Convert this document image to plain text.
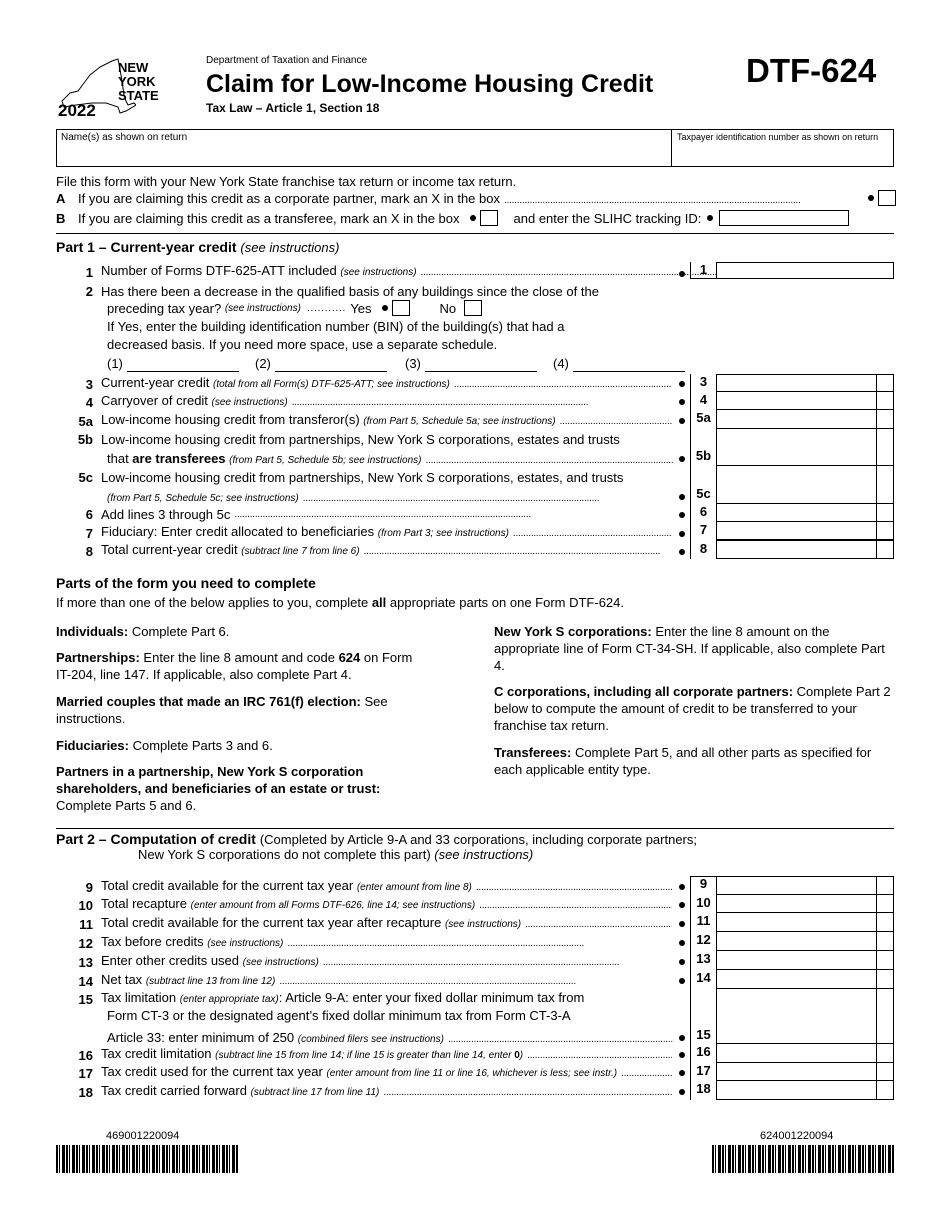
NEW
YORK
STATE
2022
Department of Taxation and Finance
Claim for Low-Income Housing Credit
Tax Law – Article 1, Section 18
DTF-624
Name(s) as shown on return	Taxpayer identification number as shown on return
File this form with your New York State franchise tax return or income tax return.
A If you are claiming this credit as a corporate partner, mark an X in the box
. . .
B If you are claiming this credit as a transferee, mark an X in the box	and enter the SLIHC tracking ID:
Part 1 – Current-year credit (see instructions)
1 Number of Forms DTF-625-ATT included (see instructions) . . .	1
2 Has there been a decrease in the qualified basis of any buildings since the close of the
preceding tax year?
(see instructions) . . . . . . . . . . . Yes	No
If Yes, enter the building identification number (BIN) of the building(s) that had a
decreased basis. If you need more space, use a separate schedule.
(1)	(2)	(3)	(4)
3 Current-year credit (total from all Form(s) DTF-625-ATT; see instructions) . . .	3
4 Carryover of credit (see instructions) . . .	4
5a Low-income housing credit from transferor(s) (from Part 5, Schedule 5a; see instructions) . . .	5a
5b Low-income housing credit from partnerships, New York S corporations, estates and trusts
that are transferees (from Part 5, Schedule 5b; see instructions) . . .	5b
5c Low-income housing credit from partnerships, New York S corporations, estates, and trusts
(from Part 5, Schedule 5c; see instructions) . . .	5c
6 Add lines 3 through 5c . . .	6
7 Fiduciary: Enter credit allocated to beneficiaries (from Part 3; see instructions) . . .	7
8 Total current-year credit (subtract line 7 from line 6) . . .	8
Parts of the form you need to complete
If more than one of the below applies to you, complete all appropriate parts on one Form DTF-624.
Individuals: Complete Part 6.
Partnerships: Enter the line 8 amount and code 624 on Form IT-204, line 147. If applicable, also complete Part 4.
Married couples that made an IRC 761(f) election: See instructions.
Fiduciaries: Complete Parts 3 and 6.
Partners in a partnership, New York S corporation shareholders, and beneficiaries of an estate or trust: Complete Parts 5 and 6.
New York S corporations: Enter the line 8 amount on the appropriate line of Form CT-34-SH. If applicable, also complete Part 4.
C corporations, including all corporate partners: Complete Part 2 below to compute the amount of credit to be transferred to your franchise tax return.
Transferees: Complete Part 5, and all other parts as specified for each applicable entity type.
Part 2 – Computation of credit (Completed by Article 9-A and 33 corporations, including corporate partners;
New York S corporations do not complete this part) (see instructions)
9 Total credit available for the current tax year (enter amount from line 8) . . .	9
10 Total recapture (enter amount from all Forms DTF-626, line 14; see instructions) . . .	10
11 Total credit available for the current tax year after recapture (see instructions) . . .	11
12 Tax before credits (see instructions) . . .	12
13 Enter other credits used (see instructions) . . .	13
14 Net tax (subtract line 13 from line 12) . . .	14
15 Tax limitation (enter appropriate tax): Article 9-A: enter your fixed dollar minimum tax from
Form CT-3 or the designated agent’s fixed dollar minimum tax from Form CT-3-A
Article 33: enter minimum of 250 (combined filers see instructions) . . .	15
16 Tax credit limitation (subtract line 15 from line 14; if line 15 is greater than line 14, enter 0) . . .	16
17 Tax credit used for the current tax year (enter amount from line 11 or line 16, whichever is less; see instr.) . . .	17
18 Tax credit carried forward (subtract line 17 from line 11) . . .	18
469001220094	624001220094
